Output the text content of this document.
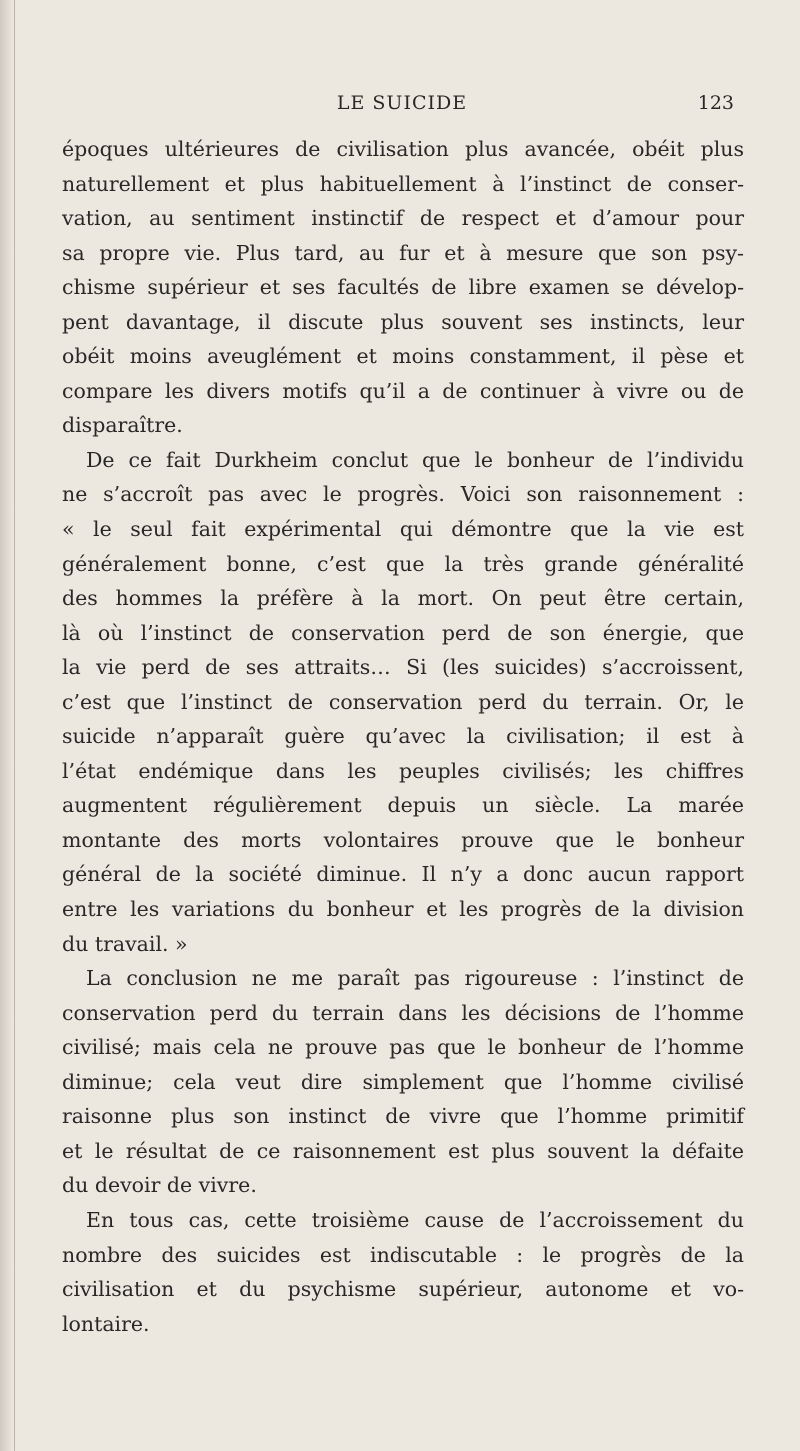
LE SUICIDE	123
époques ultérieures de civilisation plus avancée, obéit plus
naturellement et plus habituellement à l’instinct de conser-
vation, au sentiment instinctif de respect et d’amour pour
sa propre vie. Plus tard, au fur et à mesure que son psy-
chisme supérieur et ses facultés de libre examen se dévelop-
pent davantage, il discute plus souvent ses instincts, leur
obéit moins aveuglément et moins constamment, il pèse et
compare les divers motifs qu’il a de continuer à vivre ou de
disparaître.
De ce fait Durkheim conclut que le bonheur de l’individu
ne s’accroît pas avec le progrès. Voici son raisonnement :
« le seul fait expérimental qui démontre que la vie est
généralement bonne, c’est que la très grande généralité
des hommes la préfère à la mort. On peut être certain,
là où l’instinct de conservation perd de son énergie, que
la vie perd de ses attraits… Si (les suicides) s’accroissent,
c’est que l’instinct de conservation perd du terrain. Or, le
suicide n’apparaît guère qu’avec la civilisation; il est à
l’état endémique dans les peuples civilisés; les chiffres
augmentent régulièrement depuis un siècle. La marée
montante des morts volontaires prouve que le bonheur
général de la société diminue. Il n’y a donc aucun rapport
entre les variations du bonheur et les progrès de la division
du travail. »
La conclusion ne me paraît pas rigoureuse : l’instinct de
conservation perd du terrain dans les décisions de l’homme
civilisé; mais cela ne prouve pas que le bonheur de l’homme
diminue; cela veut dire simplement que l’homme civilisé
raisonne plus son instinct de vivre que l’homme primitif
et le résultat de ce raisonnement est plus souvent la défaite
du devoir de vivre.
En tous cas, cette troisième cause de l’accroissement du
nombre des suicides est indiscutable : le progrès de la
civilisation et du psychisme supérieur, autonome et vo-
lontaire.
